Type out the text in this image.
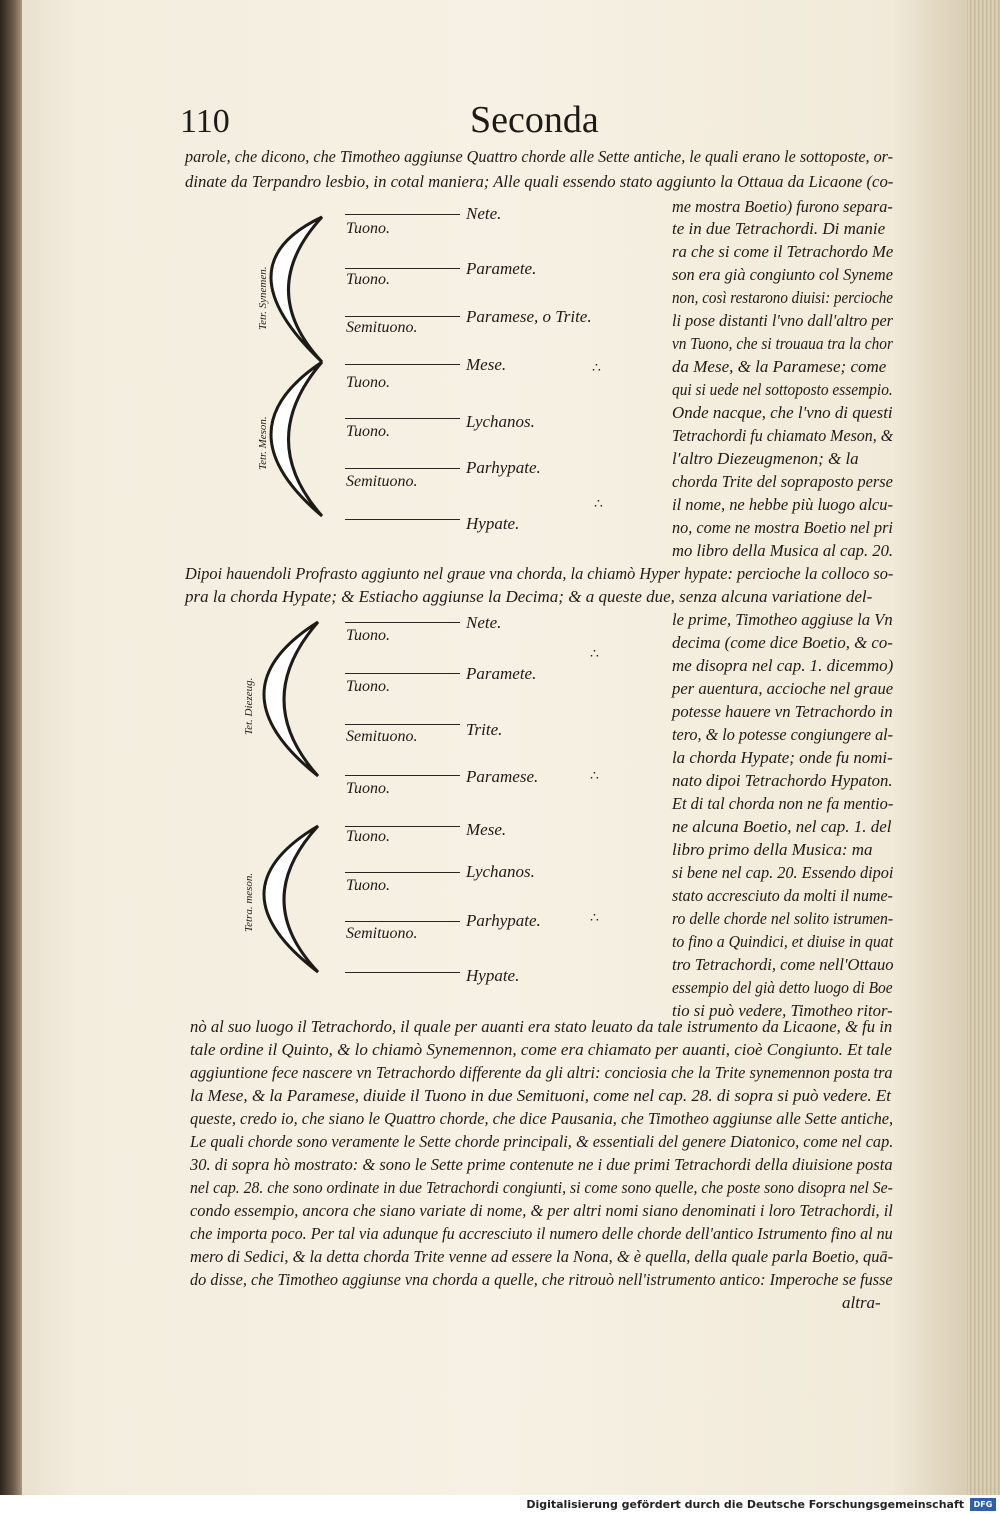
110	Seconda
parole, che dicono, che Timotheo aggiunse Quattro chorde alle Sette antiche, le quali erano le sottoposte, or-
dinate da Terpandro lesbio, in cotal maniera; Alle quali essendo stato aggiunto la Ottaua da Licaone (co-
me mostra Boetio) furono separa-
te in due Tetrachordi. Di manie
ra che si come il Tetrachordo Me
son era già congiunto col Syneme
non, così restarono diuisi: percioche
li pose distanti l'vno dall'altro per
vn Tuono, che si trouaua tra la chor
da Mese, & la Paramese; come
qui si uede nel sottoposto essempio.
Onde nacque, che l'vno di questi
Tetrachordi fu chiamato Meson, &
l'altro Diezeugmenon; & la
chorda Trite del sopraposto perse
il nome, ne hebbe più luogo alcu-
no, come ne mostra Boetio nel pri
mo libro della Musica al cap. 20.
Tetr. Synemen.
Tetr. Meson.
Nete.
Paramete.
Paramese, o Trite.
Mese.
Lychanos.
Parhypate.
Hypate.
Tuono.
Tuono.
Semituono.
Tuono.
Tuono.
Semituono.
∴
∴
Dipoi hauendoli Profrasto aggiunto nel graue vna chorda, la chiamò Hyper hypate: percioche la colloco so-
pra la chorda Hypate; & Estiacho aggiunse la Decima; & a queste due, senza alcuna variatione del-
le prime, Timotheo aggiuse la Vn
decima (come dice Boetio, & co-
me disopra nel cap. 1. dicemmo)
per auentura, accioche nel graue
potesse hauere vn Tetrachordo in
tero, & lo potesse congiungere al-
la chorda Hypate; onde fu nomi-
nato dipoi Tetrachordo Hypaton.
Et di tal chorda non ne fa mentio-
ne alcuna Boetio, nel cap. 1. del
libro primo della Musica: ma
si bene nel cap. 20. Essendo dipoi
stato accresciuto da molti il nume-
ro delle chorde nel solito istrumen-
to fino a Quindici, et diuise in quat
tro Tetrachordi, come nell'Ottauo
essempio del già detto luogo di Boe
tio si può vedere, Timotheo ritor-
Tet. Diezeug.
Tetra. meson.
Nete.
Paramete.
Trite.
Paramese.
Mese.
Lychanos.
Parhypate.
Hypate.
Tuono.
Tuono.
Semituono.
Tuono.
Tuono.
Tuono.
Semituono.
∴
∴
∴
nò al suo luogo il Tetrachordo, il quale per auanti era stato leuato da tale istrumento da Licaone, & fu in
tale ordine il Quinto, & lo chiamò Synemennon, come era chiamato per auanti, cioè Congiunto. Et tale
aggiuntione fece nascere vn Tetrachordo differente da gli altri: conciosia che la Trite synemennon posta tra
la Mese, & la Paramese, diuide il Tuono in due Semituoni, come nel cap. 28. di sopra si può vedere. Et
queste, credo io, che siano le Quattro chorde, che dice Pausania, che Timotheo aggiunse alle Sette antiche,
Le quali chorde sono veramente le Sette chorde principali, & essentiali del genere Diatonico, come nel cap.
30. di sopra hò mostrato: & sono le Sette prime contenute ne i due primi Tetrachordi della diuisione posta
nel cap. 28. che sono ordinate in due Tetrachordi congiunti, si come sono quelle, che poste sono disopra nel Se-
condo essempio, ancora che siano variate di nome, & per altri nomi siano denominati i loro Tetrachordi, il
che importa poco. Per tal via adunque fu accresciuto il numero delle chorde dell'antico Istrumento fino al nu
mero di Sedici, & la detta chorda Trite venne ad essere la Nona, & è quella, della quale parla Boetio, quā-
do disse, che Timotheo aggiunse vna chorda a quelle, che ritrouò nell'istrumento antico: Imperoche se fusse
altra-
Digitalisierung gefördert durch die Deutsche Forschungsgemeinschaft	DFG
